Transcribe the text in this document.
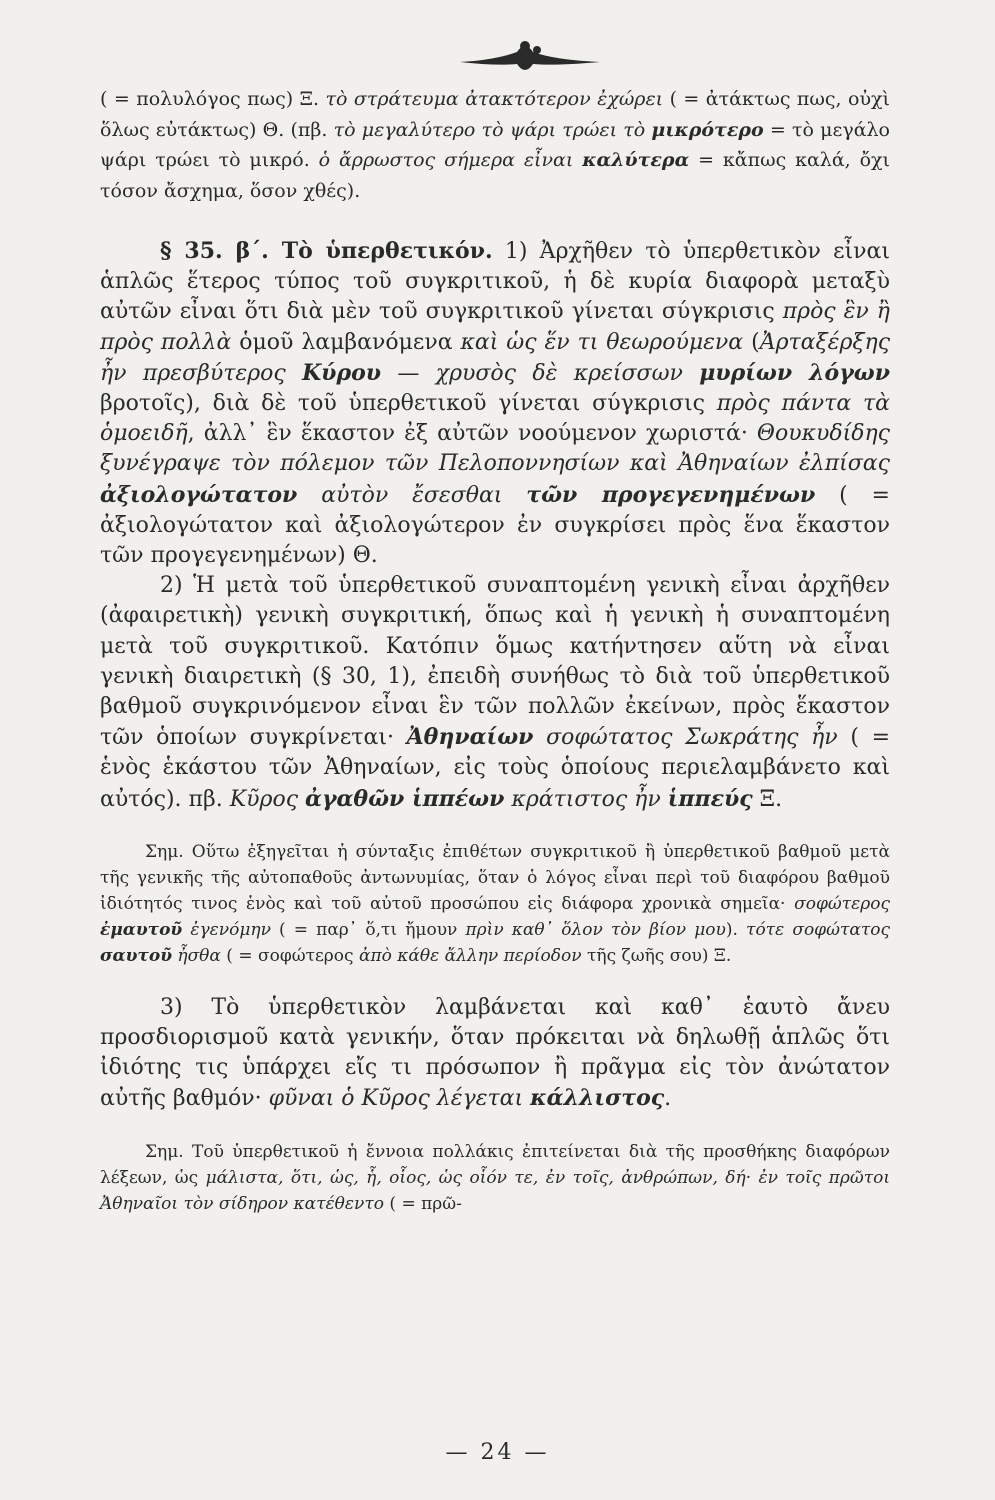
( = πολυλόγος πως) Ξ. τὸ στράτευμα ἀτακτότερον ἐχώρει ( = ἀτάκτως πως, οὐχὶ ὅλως εὐτάκτως) Θ. (πβ. τὸ μεγαλύτερο τὸ ψάρι τρώει τὸ μικρότερο = τὸ μεγάλο ψάρι τρώει τὸ μικρό. ὁ ἄρρωστος σήμερα εἶναι καλύτερα = κἄπως καλά, ὄχι τόσον ἄσχημα, ὅσον χθές).

§ 35. β΄. Τὸ ὑπερθετικόν. 1) Ἀρχῆθεν τὸ ὑπερθετικὸν εἶναι ἁπλῶς ἕτερος τύπος τοῦ συγκριτικοῦ, ἡ δὲ κυρία διαφορὰ μεταξὺ αὐτῶν εἶναι ὅτι διὰ μὲν τοῦ συγκριτικοῦ γίνεται σύγκρισις πρὸς ἓν ἢ πρὸς πολλὰ ὁμοῦ λαμβανόμενα καὶ ὡς ἕν τι θεωρούμενα (Ἀρταξέρξης ἦν πρεσβύτερος Κύρου — χρυσὸς δὲ κρείσσων μυρίων λόγων βροτοῖς), διὰ δὲ τοῦ ὑπερθετικοῦ γίνεται σύγκρισις πρὸς πάντα τὰ ὁμοειδῆ, ἀλλ᾽ ἓν ἕκαστον ἐξ αὐτῶν νοούμενον χωριστά· Θουκυδίδης ξυνέγραψε τὸν πόλεμον τῶν Πελοποννησίων καὶ Ἀθηναίων ἐλπίσας ἀξιολογώτατον αὐτὸν ἔσεσθαι τῶν προγεγενημένων ( = ἀξιολογώτατον καὶ ἀξιολογώτερον ἐν συγκρίσει πρὸς ἕνα ἕκαστον τῶν προγεγενημένων) Θ.

2) Ἡ μετὰ τοῦ ὑπερθετικοῦ συναπτομένη γενικὴ εἶναι ἀρχῆθεν (ἀφαιρετικὴ) γενικὴ συγκριτική, ὅπως καὶ ἡ γενικὴ ἡ συναπτομένη μετὰ τοῦ συγκριτικοῦ. Κατόπιν ὅμως κατήντησεν αὕτη νὰ εἶναι γενικὴ διαιρετικὴ (§ 30, 1), ἐπειδὴ συνήθως τὸ διὰ τοῦ ὑπερθετικοῦ βαθμοῦ συγκρινόμενον εἶναι ἓν τῶν πολλῶν ἐκείνων, πρὸς ἕκαστον τῶν ὁποίων συγκρίνεται· Ἀθηναίων σοφώτατος Σωκράτης ἦν ( = ἑνὸς ἑκάστου τῶν Ἀθηναίων, εἰς τοὺς ὁποίους περιελαμβάνετο καὶ αὐτός). πβ. Κῦρος ἀγαθῶν ἱππέων κράτιστος ἦν ἱππεύς Ξ.

Σημ. Οὕτω ἐξηγεῖται ἡ σύνταξις ἐπιθέτων συγκριτικοῦ ἢ ὑπερθετικοῦ βαθμοῦ μετὰ τῆς γενικῆς τῆς αὐτοπαθοῦς ἀντωνυμίας, ὅταν ὁ λόγος εἶναι περὶ τοῦ διαφόρου βαθμοῦ ἰδιότητός τινος ἑνὸς καὶ τοῦ αὐτοῦ προσώπου εἰς διάφορα χρονικὰ σημεῖα· σοφώτερος ἐμαυτοῦ ἐγενόμην ( = παρ᾽ ὅ,τι ἤμουν πρὶν καθ᾽ ὅλον τὸν βίον μου). τότε σοφώτατος σαυτοῦ ἦσθα ( = σοφώτερος ἀπὸ κάθε ἄλλην περίοδον τῆς ζωῆς σου) Ξ.

3) Τὸ ὑπερθετικὸν λαμβάνεται καὶ καθ᾽ ἑαυτὸ ἄνευ προσδιορισμοῦ κατὰ γενικήν, ὅταν πρόκειται νὰ δηλωθῇ ἁπλῶς ὅτι ἰδιότης τις ὑπάρχει εἴς τι πρόσωπον ἢ πρᾶγμα εἰς τὸν ἀνώτατον αὐτῆς βαθμόν· φῦναι ὁ Κῦρος λέγεται κάλλιστος.

Σημ. Τοῦ ὑπερθετικοῦ ἡ ἔννοια πολλάκις ἐπιτείνεται διὰ τῆς προσθήκης διαφόρων λέξεων, ὡς μάλιστα, ὅτι, ὡς, ἧ, οἷος, ὡς οἷόν τε, ἐν τοῖς, ἀνθρώπων, δή· ἐν τοῖς πρῶτοι Ἀθηναῖοι τὸν σίδηρον κατέθεντο ( = πρῶ-

— 24 —
